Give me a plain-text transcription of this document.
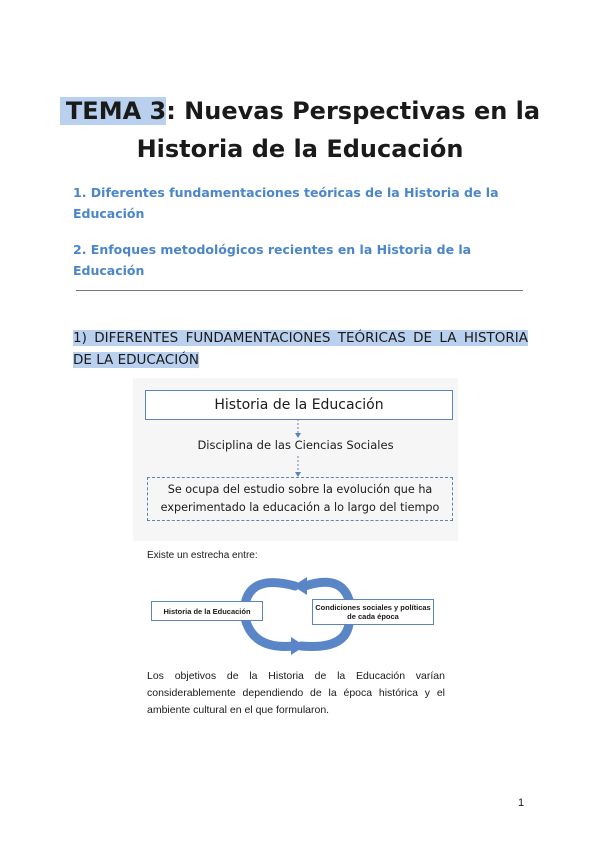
TEMA 3: Nuevas Perspectivas en la
Historia de la Educación
1. Diferentes fundamentaciones teóricas de la Historia de la Educación
2. Enfoques metodológicos recientes en la Historia de la Educación
1) DIFERENTES FUNDAMENTACIONES TEÓRICAS DE LA HISTORIA DE LA EDUCACIÓN
Historia de la Educación
Disciplina de las Ciencias Sociales
Se ocupa del estudio sobre la evolución que ha experimentado la educación a lo largo del tiempo
Existe un estrecha entre:
Historia de la Educación	Condiciones sociales y políticas de cada época
Los objetivos de la Historia de la Educación varían considerablemente dependiendo de la época histórica y el ambiente cultural en el que formularon.
1
